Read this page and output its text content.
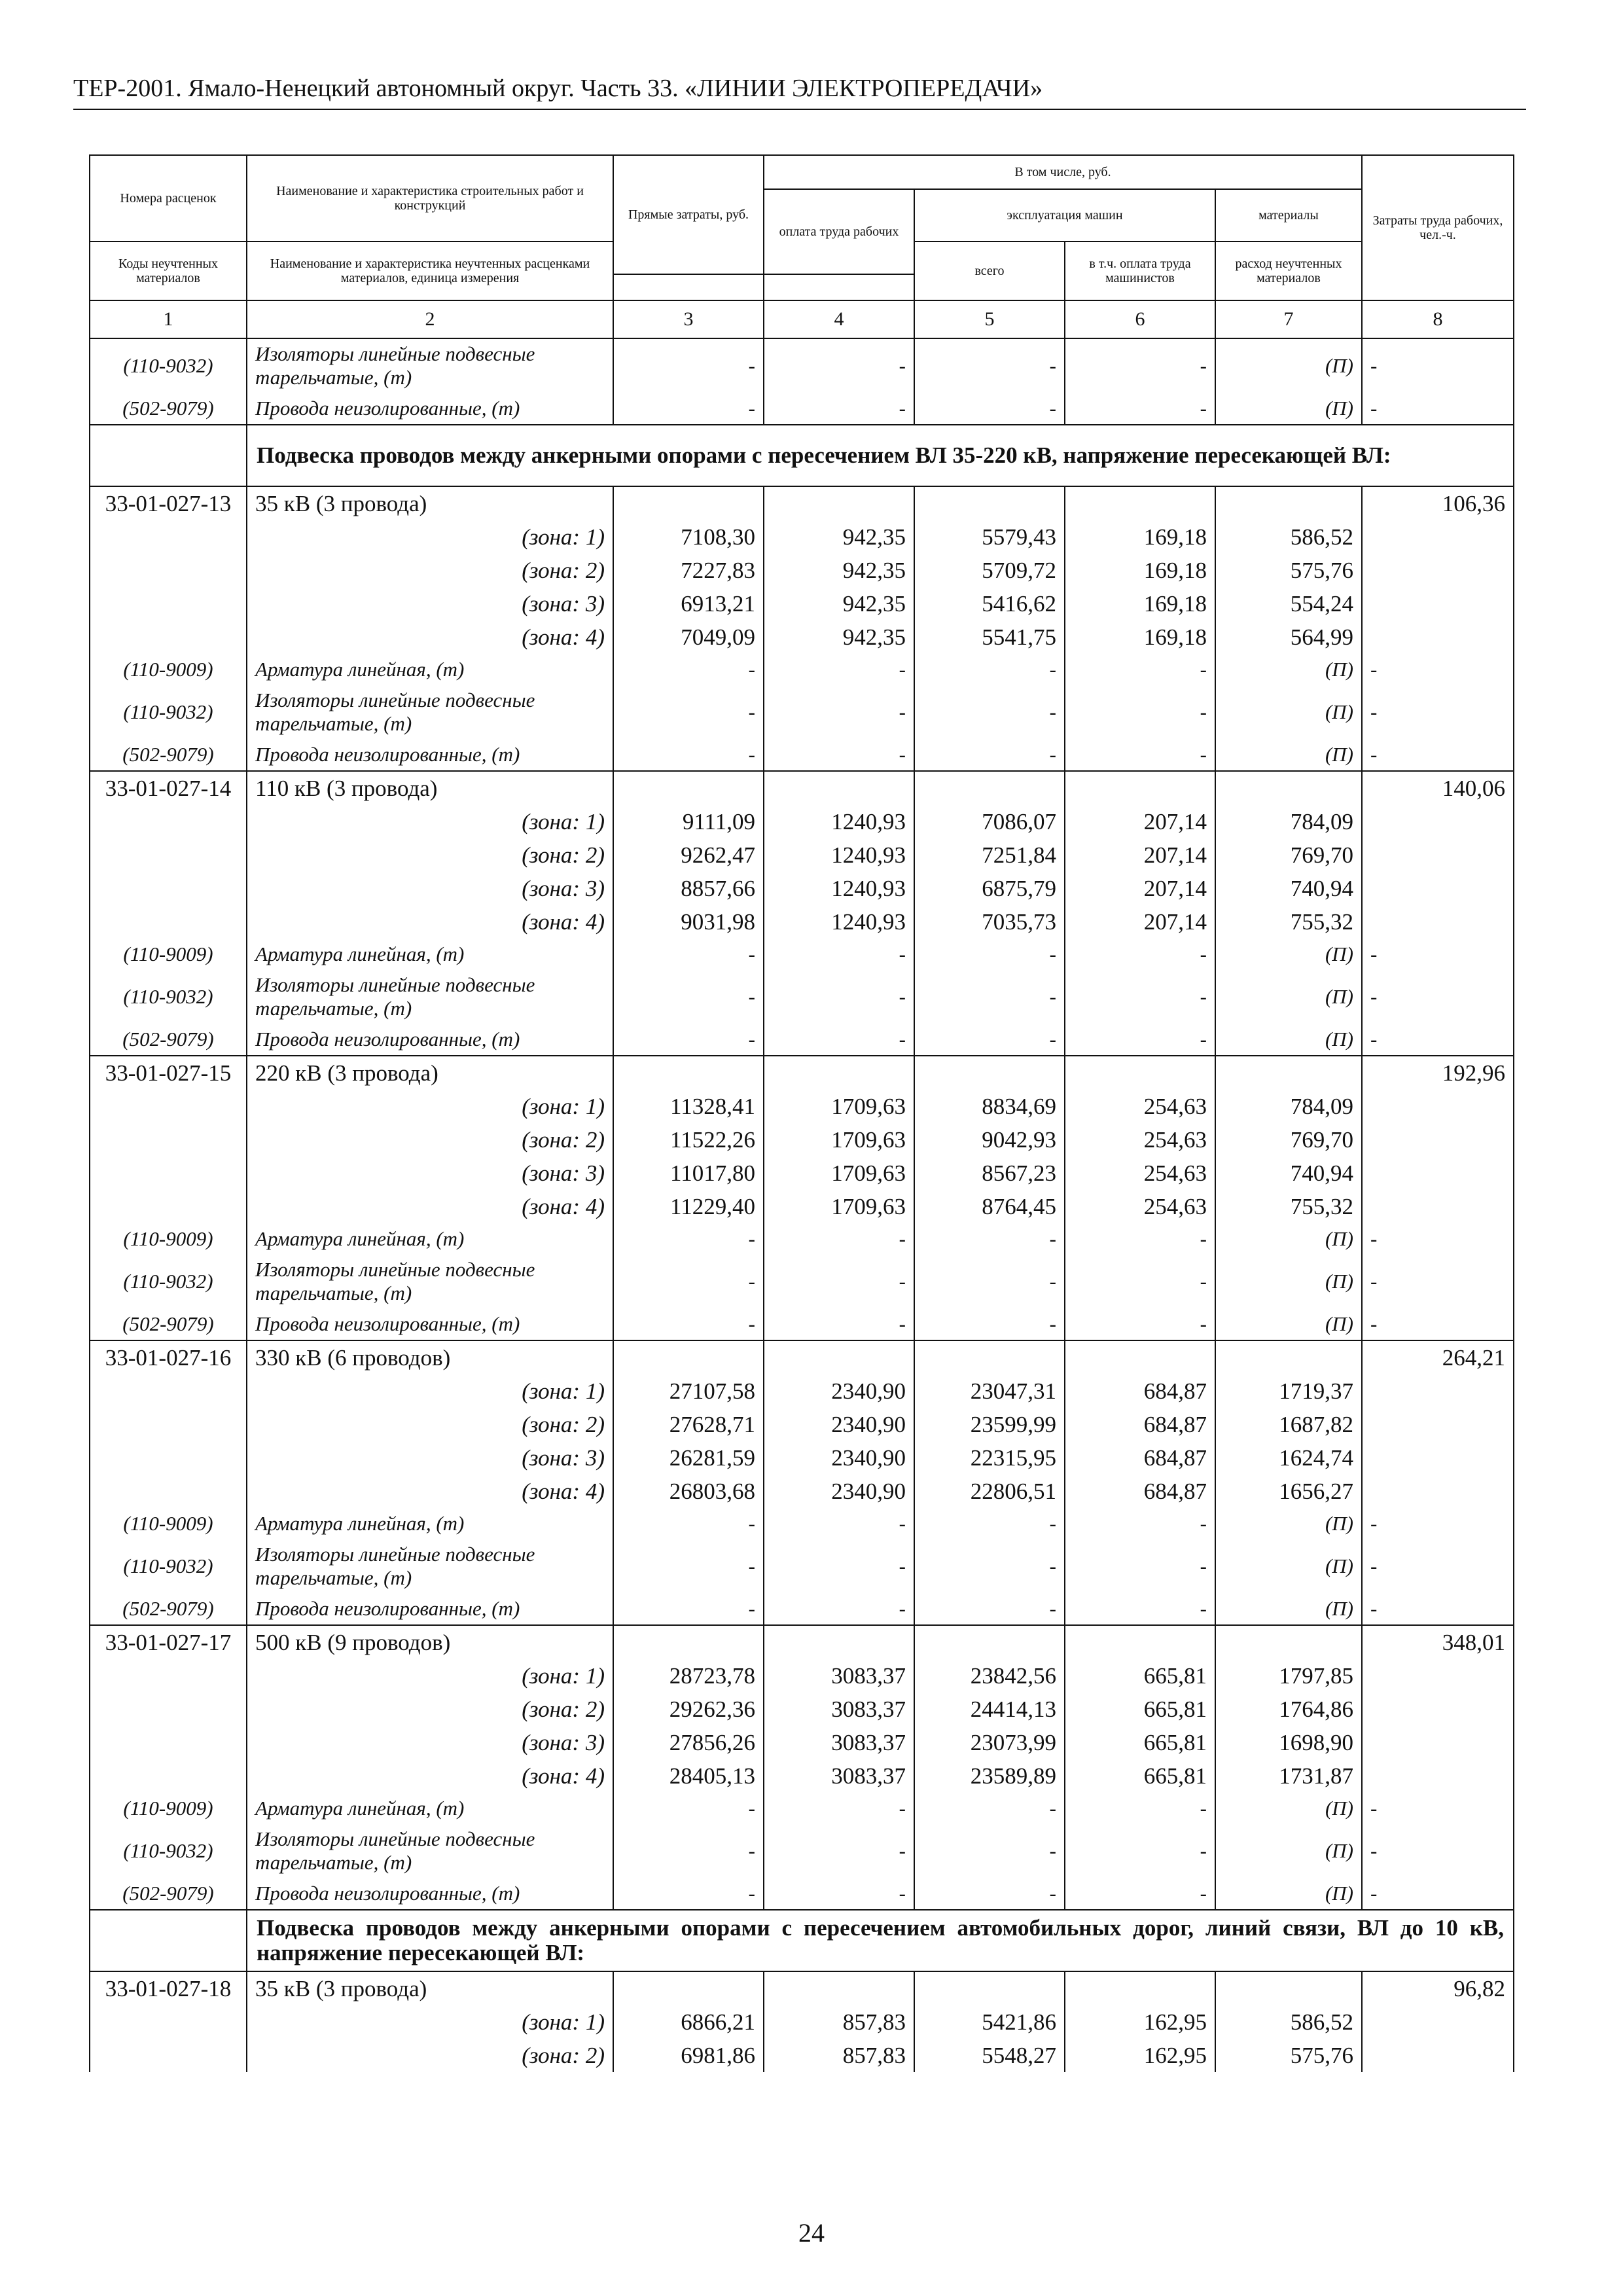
ТЕР-2001. Ямало-Ненецкий автономный округ. Часть 33. «ЛИНИИ ЭЛЕКТРОПЕРЕДАЧИ»
Номера расценок	Наименование и характеристика строительных работ и конструкций	Прямые затраты, руб.	В том числе, руб.				Затраты труда рабочих, чел.-ч.
			оплата труда рабочих	эксплуатация машин		материалы	

Коды неучтенных материалов	Наименование и характеристика неучтенных расценками материалов, единица измерения			всего	в т.ч. оплата труда машинистов	расход неучтенных материалов	

1	2	3	4	5	6	7	8
(110-9032)	Изоляторы линейные подвесные тарельчатые, (т)	-	-	-	-	(П)	-
(502-9079)	Провода неизолированные, (т)	-	-	-	-	(П)	-
	Подвеска проводов между анкерными опорами с пересечением ВЛ 35-220 кВ, напряжение пересекающей ВЛ:						
33-01-027-13	35 кВ (3 провода)						106,36
	(зона: 1)	7108,30	942,35	5579,43	169,18	586,52	
	(зона: 2)	7227,83	942,35	5709,72	169,18	575,76	
	(зона: 3)	6913,21	942,35	5416,62	169,18	554,24	
	(зона: 4)	7049,09	942,35	5541,75	169,18	564,99	
(110-9009)	Арматура линейная, (т)	-	-	-	-	(П)	-
(110-9032)	Изоляторы линейные подвесные тарельчатые, (т)	-	-	-	-	(П)	-
(502-9079)	Провода неизолированные, (т)	-	-	-	-	(П)	-
33-01-027-14	110 кВ (3 провода)						140,06
	(зона: 1)	9111,09	1240,93	7086,07	207,14	784,09	
	(зона: 2)	9262,47	1240,93	7251,84	207,14	769,70	
	(зона: 3)	8857,66	1240,93	6875,79	207,14	740,94	
	(зона: 4)	9031,98	1240,93	7035,73	207,14	755,32	
(110-9009)	Арматура линейная, (т)	-	-	-	-	(П)	-
(110-9032)	Изоляторы линейные подвесные тарельчатые, (т)	-	-	-	-	(П)	-
(502-9079)	Провода неизолированные, (т)	-	-	-	-	(П)	-
33-01-027-15	220 кВ (3 провода)						192,96
	(зона: 1)	11328,41	1709,63	8834,69	254,63	784,09	
	(зона: 2)	11522,26	1709,63	9042,93	254,63	769,70	
	(зона: 3)	11017,80	1709,63	8567,23	254,63	740,94	
	(зона: 4)	11229,40	1709,63	8764,45	254,63	755,32	
(110-9009)	Арматура линейная, (т)	-	-	-	-	(П)	-
(110-9032)	Изоляторы линейные подвесные тарельчатые, (т)	-	-	-	-	(П)	-
(502-9079)	Провода неизолированные, (т)	-	-	-	-	(П)	-
33-01-027-16	330 кВ (6 проводов)						264,21
	(зона: 1)	27107,58	2340,90	23047,31	684,87	1719,37	
	(зона: 2)	27628,71	2340,90	23599,99	684,87	1687,82	
	(зона: 3)	26281,59	2340,90	22315,95	684,87	1624,74	
	(зона: 4)	26803,68	2340,90	22806,51	684,87	1656,27	
(110-9009)	Арматура линейная, (т)	-	-	-	-	(П)	-
(110-9032)	Изоляторы линейные подвесные тарельчатые, (т)	-	-	-	-	(П)	-
(502-9079)	Провода неизолированные, (т)	-	-	-	-	(П)	-
33-01-027-17	500 кВ (9 проводов)						348,01
	(зона: 1)	28723,78	3083,37	23842,56	665,81	1797,85	
	(зона: 2)	29262,36	3083,37	24414,13	665,81	1764,86	
	(зона: 3)	27856,26	3083,37	23073,99	665,81	1698,90	
	(зона: 4)	28405,13	3083,37	23589,89	665,81	1731,87	
(110-9009)	Арматура линейная, (т)	-	-	-	-	(П)	-
(110-9032)	Изоляторы линейные подвесные тарельчатые, (т)	-	-	-	-	(П)	-
(502-9079)	Провода неизолированные, (т)	-	-	-	-	(П)	-
	Подвеска проводов между анкерными опорами с пересечением автомобильных дорог, линий связи, ВЛ до 10 кВ, напряжение пересекающей ВЛ:						
33-01-027-18	35 кВ (3 провода)						96,82
	(зона: 1)	6866,21	857,83	5421,86	162,95	586,52	
	(зона: 2)	6981,86	857,83	5548,27	162,95	575,76	
24
